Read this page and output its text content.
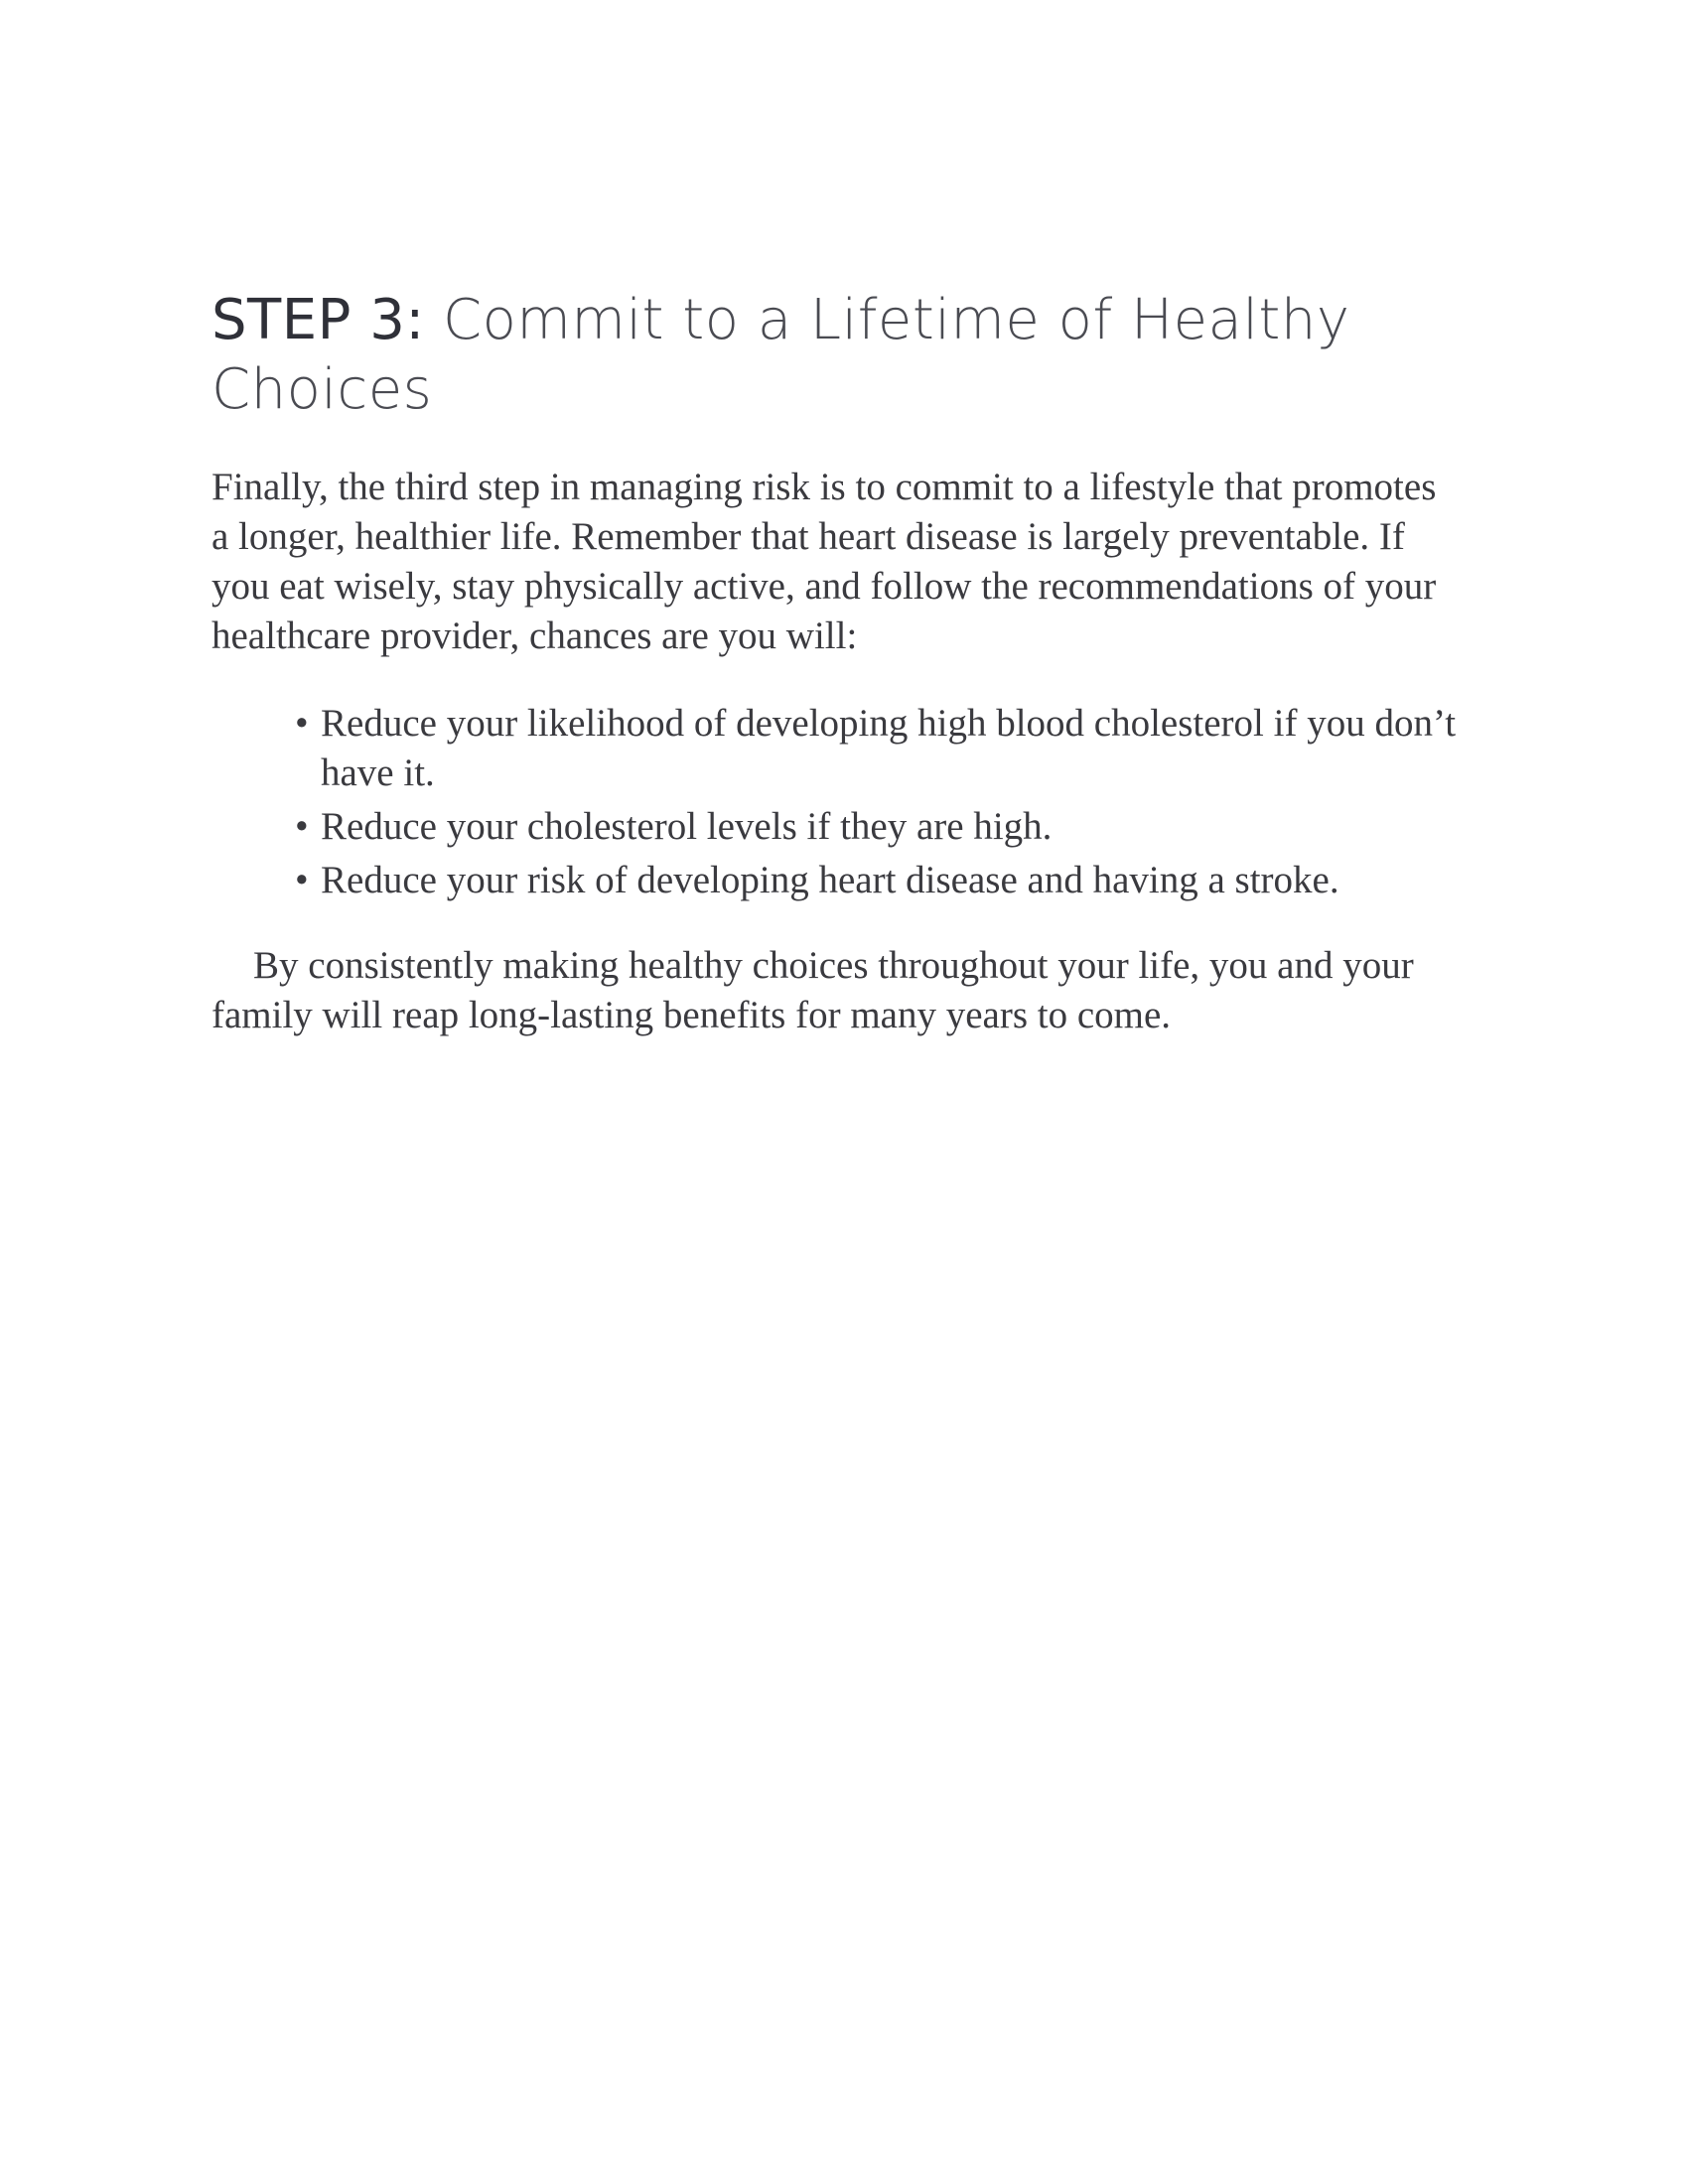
STEP 3: Commit to a Lifetime of Healthy Choices

Finally, the third step in managing risk is to commit to a lifestyle that promotes a longer, healthier life. Remember that heart disease is largely preventable. If you eat wisely, stay physically active, and follow the recommendations of your healthcare provider, chances are you will:

• Reduce your likelihood of developing high blood cholesterol if you don’t have it.
• Reduce your cholesterol levels if they are high.
• Reduce your risk of developing heart disease and having a stroke.

By consistently making healthy choices throughout your life, you and your family will reap long-lasting benefits for many years to come.
